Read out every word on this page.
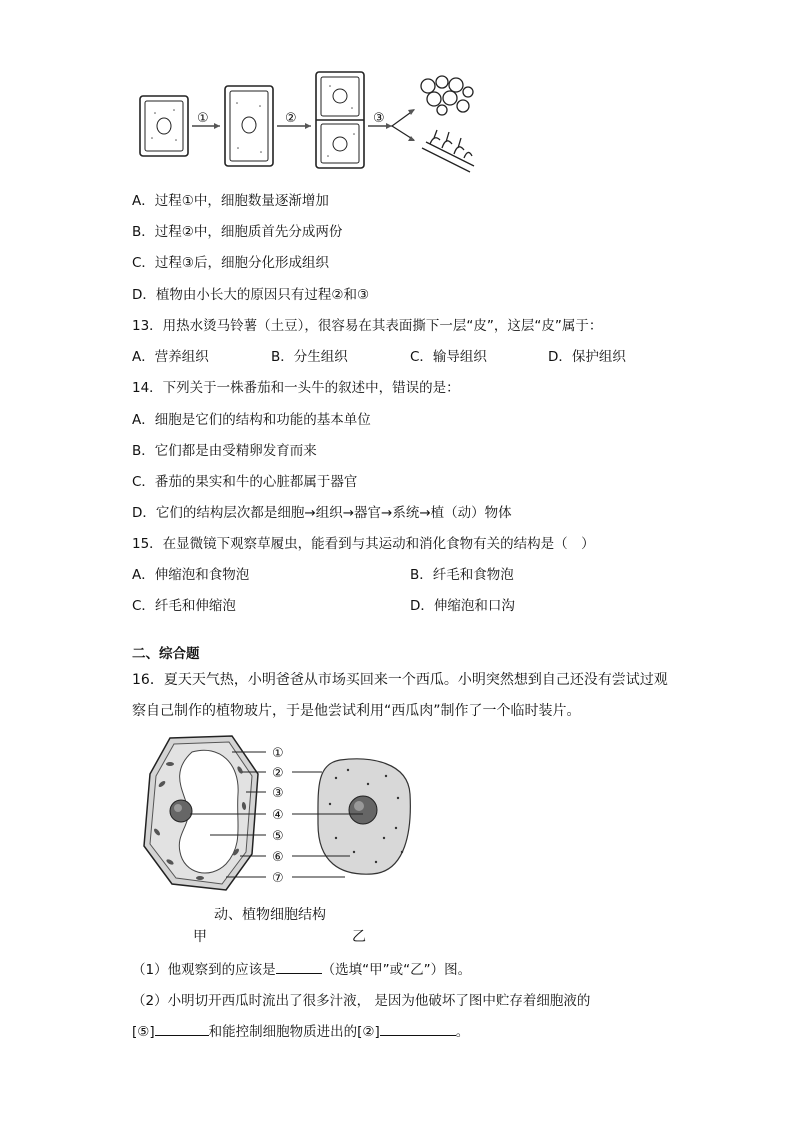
①	②	③
A．过程①中，细胞数量逐渐增加
B．过程②中，细胞质首先分成两份
C．过程③后，细胞分化形成组织
D．植物由小长大的原因只有过程②和③
13．用热水烫马铃薯（土豆），很容易在其表面撕下一层“皮”，这层“皮”属于：
A．营养组织	B．分生组织	C．输导组织	D．保护组织
14．下列关于一株番茄和一头牛的叙述中，错误的是：
A．细胞是它们的结构和功能的基本单位
B．它们都是由受精卵发育而来
C．番茄的果实和牛的心脏都属于器官
D．它们的结构层次都是细胞→组织→器官→系统→植（动）物体
15．在显微镜下观察草履虫，能看到与其运动和消化食物有关的结构是（　）
A．伸缩泡和食物泡	B．纤毛和食物泡
C．纤毛和伸缩泡	D．伸缩泡和口沟
二、综合题
16．夏天天气热，小明爸爸从市场买回来一个西瓜。小明突然想到自己还没有尝试过观
察自己制作的植物玻片，于是他尝试利用“西瓜肉”制作了一个临时装片。
①
②
③
④
⑤
⑥
⑦
动、植物细胞结构
甲	乙
（1）他观察到的应该是	（选填“甲”或“乙”）图。
（2）小明切开西瓜时流出了很多汁液， 是因为他破坏了图中贮存着细胞液的
[⑤]	和能控制细胞物质进出的[②]	。
